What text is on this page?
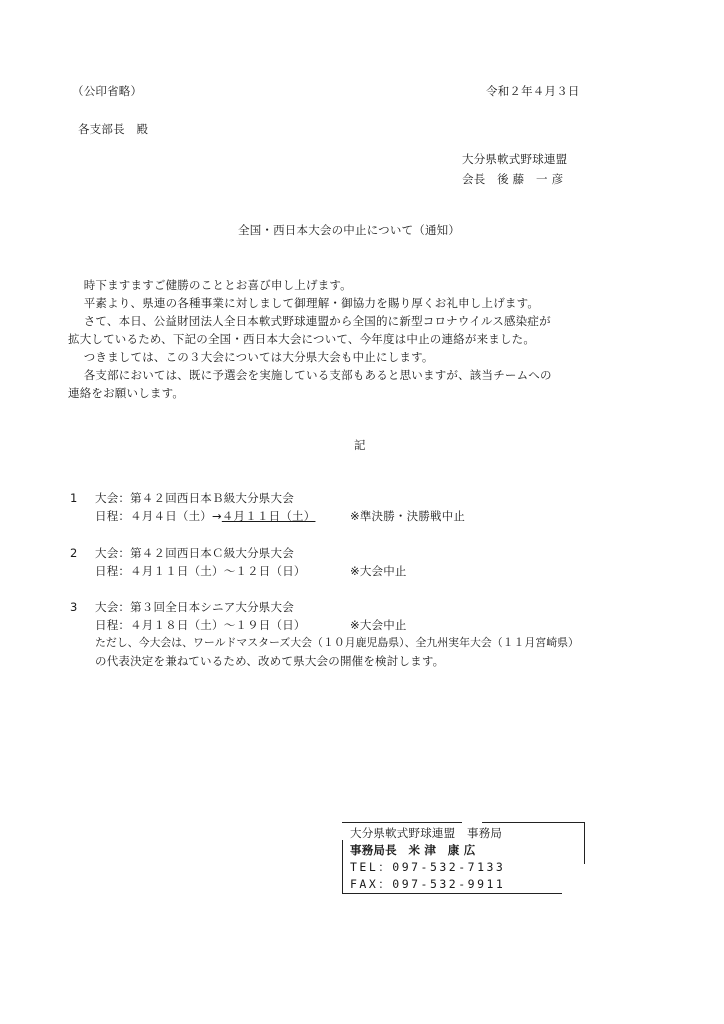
（公印省略）	令和２年４月３日
各支部長　殿
大分県軟式野球連盟
会長　後 藤　一 彦
全国・西日本大会の中止について（通知）
　時下ますますご健勝のこととお喜び申し上げます。
　平素より、県連の各種事業に対しまして御理解・御協力を賜り厚くお礼申し上げます。
　さて、本日、公益財団法人全日本軟式野球連盟から全国的に新型コロナウイルス感染症が
拡大しているため、下記の全国・西日本大会について、今年度は中止の連絡が来ました。
　つきましては、この３大会については大分県大会も中止にします。
　各支部においては、既に予選会を実施している支部もあると思いますが、該当チームへの
連絡をお願いします。
記
1 大会：第４２回西日本Ｂ級大分県大会
日程：４月４日（土）→４月１１日（土）	※準決勝・決勝戦中止
2 大会：第４２回西日本Ｃ級大分県大会
日程：４月１１日（土）～１２日（日）	※大会中止
3 大会：第３回全日本シニア大分県大会
日程：４月１８日（土）～１９日（日）	※大会中止
ただし、今大会は、ワールドマスターズ大会（１０月鹿児島県）、全九州実年大会（１１月宮崎県）
の代表決定を兼ねているため、改めて県大会の開催を検討します。
大分県軟式野球連盟　事務局
事務局長　米 津　康 広
TEL：097-532-7133
FAX：097-532-9911
